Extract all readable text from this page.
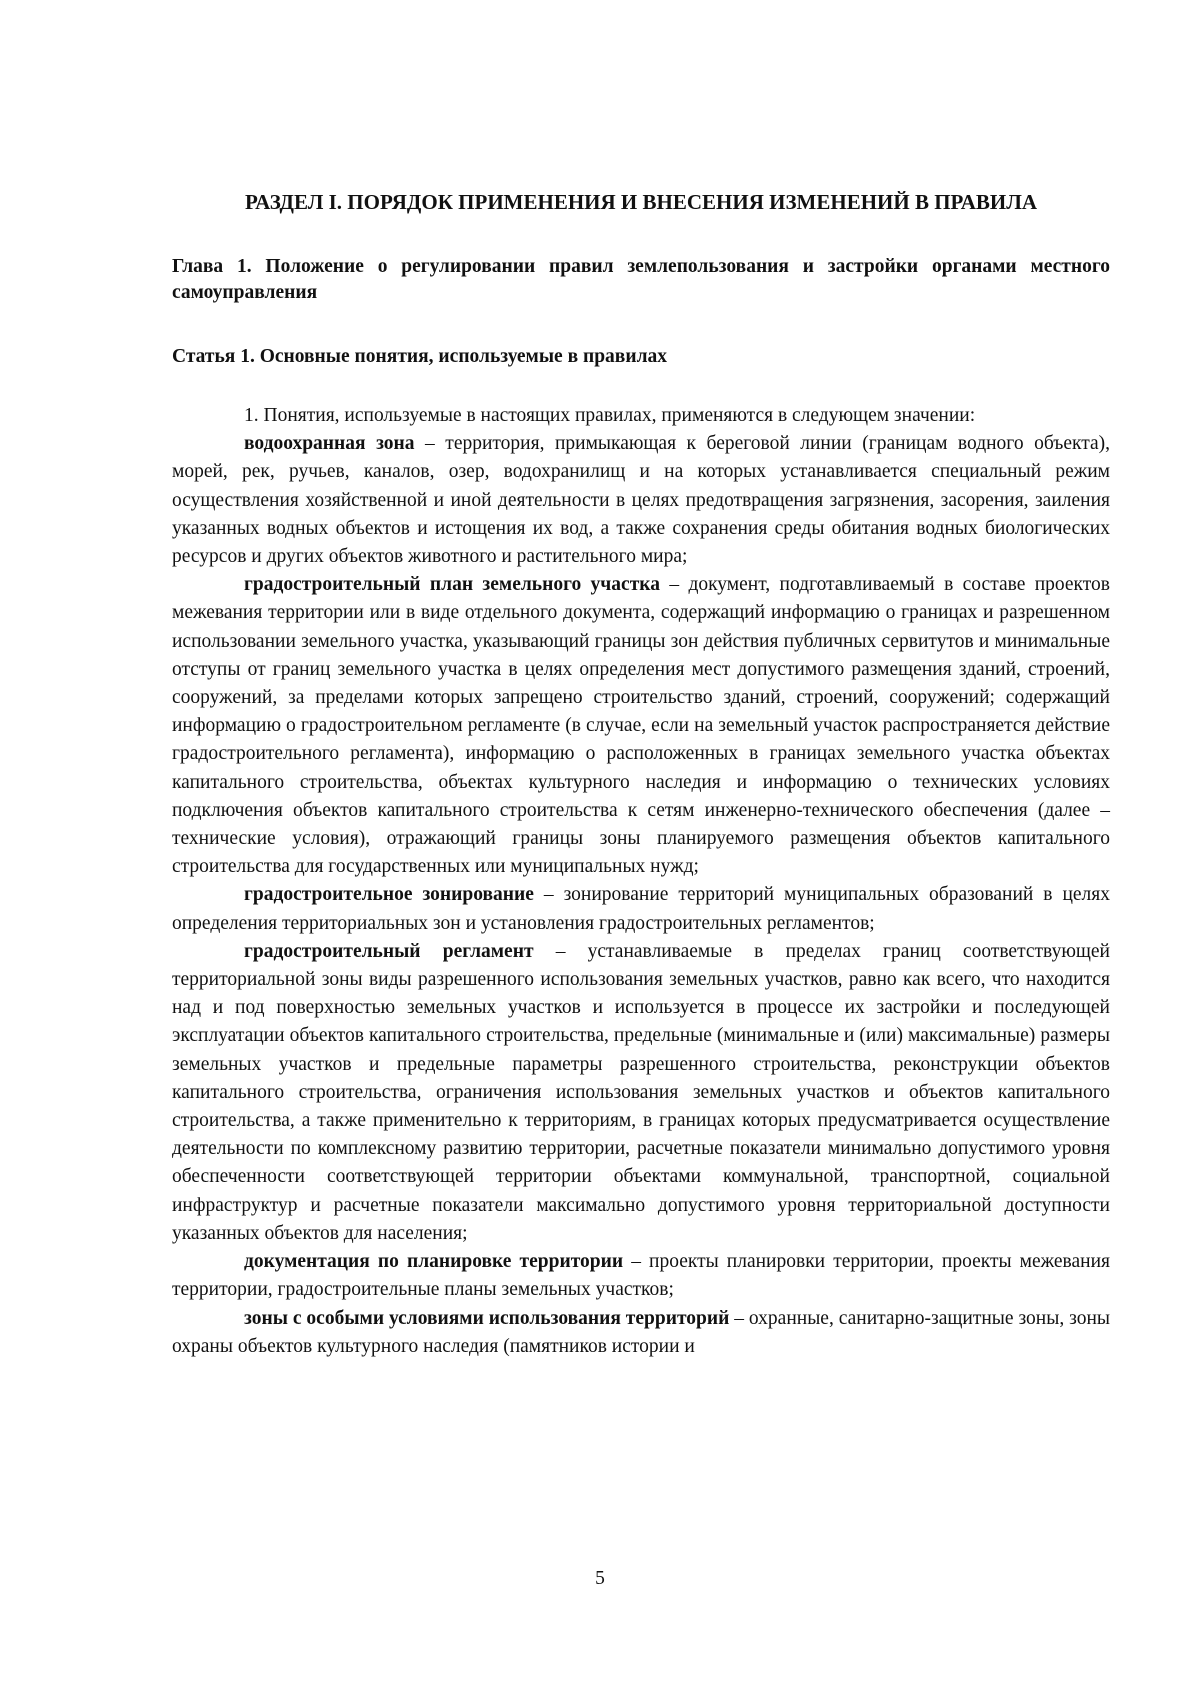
РАЗДЕЛ I. ПОРЯДОК ПРИМЕНЕНИЯ И ВНЕСЕНИЯ ИЗМЕНЕНИЙ В ПРАВИЛА
Глава 1. Положение о регулировании правил землепользования и застройки органами местного самоуправления
Статья 1. Основные понятия, используемые в правилах

1. Понятия, используемые в настоящих правилах, применяются в следующем значении:

водоохранная зона – территория, примыкающая к береговой линии (границам водного объекта), морей, рек, ручьев, каналов, озер, водохранилищ и на которых устанавливается специальный режим осуществления хозяйственной и иной деятельности в целях предотвращения загрязнения, засорения, заиления указанных водных объектов и истощения их вод, а также сохранения среды обитания водных биологических ресурсов и других объектов животного и растительного мира;

градостроительный план земельного участка – документ, подготавливаемый в составе проектов межевания территории или в виде отдельного документа, содержащий информацию о границах и разрешенном использовании земельного участка, указывающий границы зон действия публичных сервитутов и минимальные отступы от границ земельного участка в целях определения мест допустимого размещения зданий, строений, сооружений, за пределами которых запрещено строительство зданий, строений, сооружений; содержащий информацию о градостроительном регламенте (в случае, если на земельный участок распространяется действие градостроительного регламента), информацию о расположенных в границах земельного участка объектах капитального строительства, объектах культурного наследия и информацию о технических условиях подключения объектов капитального строительства к сетям инженерно-технического обеспечения (далее – технические условия), отражающий границы зоны планируемого размещения объектов капитального строительства для государственных или муниципальных нужд;

градостроительное зонирование – зонирование территорий муниципальных образований в целях определения территориальных зон и установления градостроительных регламентов;

градостроительный регламент – устанавливаемые в пределах границ соответствующей территориальной зоны виды разрешенного использования земельных участков, равно как всего, что находится над и под поверхностью земельных участков и используется в процессе их застройки и последующей эксплуатации объектов капитального строительства, предельные (минимальные и (или) максимальные) размеры земельных участков и предельные параметры разрешенного строительства, реконструкции объектов капитального строительства, ограничения использования земельных участков и объектов капитального строительства, а также применительно к территориям, в границах которых предусматривается осуществление деятельности по комплексному развитию территории, расчетные показатели минимально допустимого уровня обеспеченности соответствующей территории объектами коммунальной, транспортной, социальной инфраструктур и расчетные показатели максимально допустимого уровня территориальной доступности указанных объектов для населения;

документация по планировке территории – проекты планировки территории, проекты межевания территории, градостроительные планы земельных участков;

зоны с особыми условиями использования территорий – охранные, санитарно-защитные зоны, зоны охраны объектов культурного наследия (памятников истории и

5
